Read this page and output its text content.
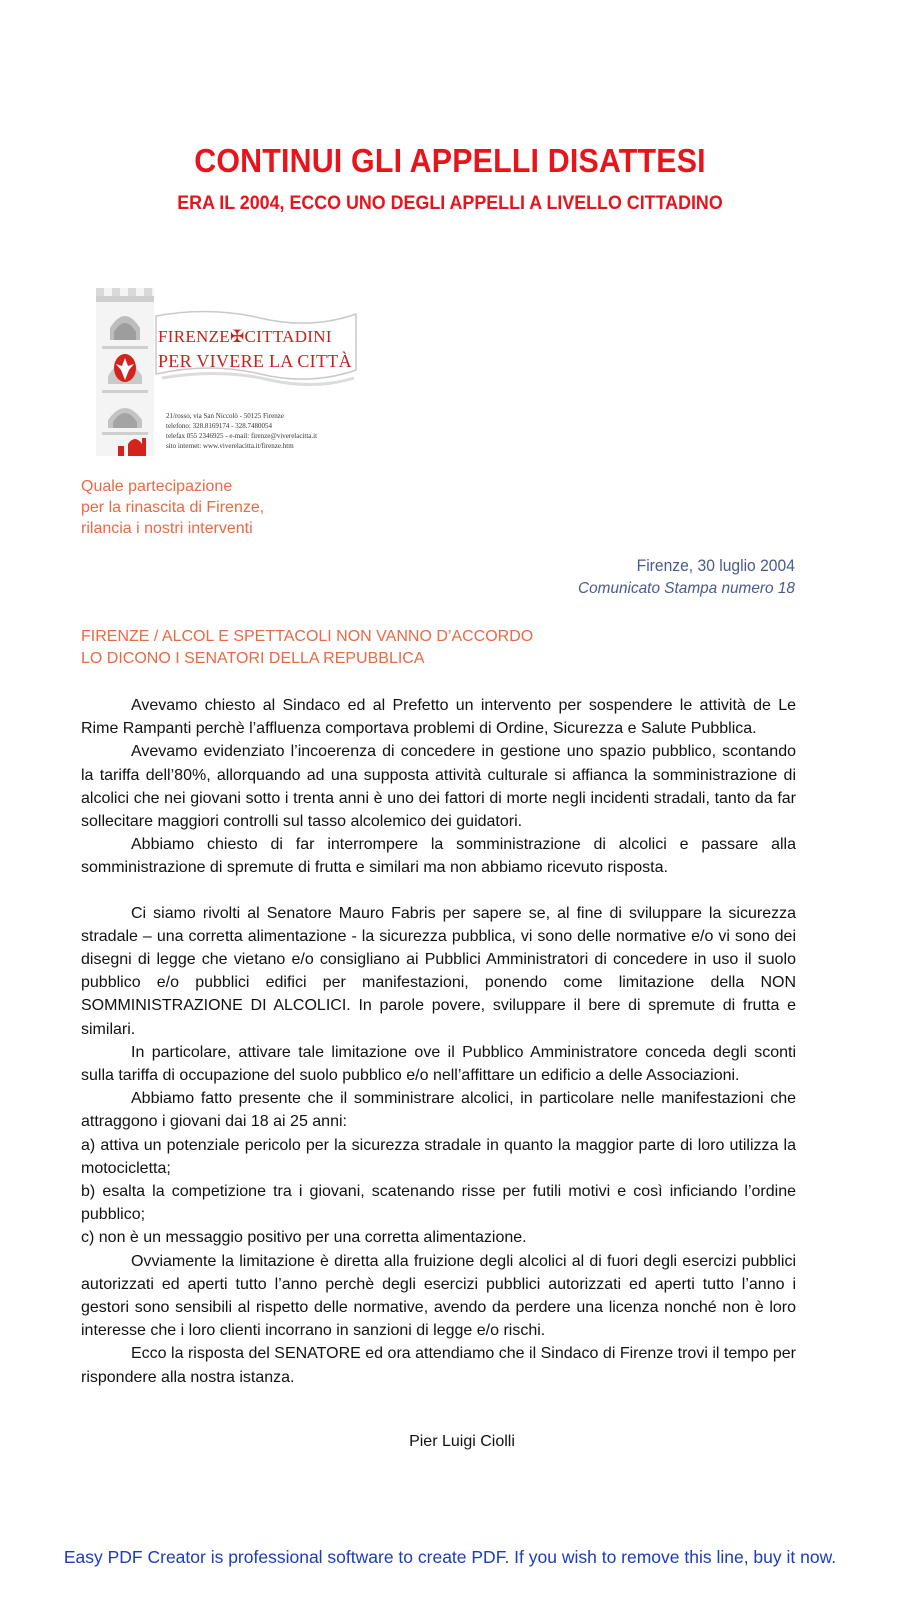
CONTINUI GLI APPELLI DISATTESI
ERA IL 2004, ECCO UNO DEGLI APPELLI A LIVELLO CITTADINO
FIRENZE✠CITTADINI
PER VIVERE LA CITTÀ
21/rosso, via San Niccolò - 50125 Firenze
telefono: 328.8169174 - 328.7480054
telefax 055 2346925 - e-mail: firenze@viverelacitta.it
sito internet: www.viverelacitta.it/firenze.htm
Quale partecipazione
per la rinascita di Firenze,
rilancia i nostri interventi
Firenze, 30 luglio 2004
Comunicato Stampa numero 18
FIRENZE / ALCOL E SPETTACOLI NON VANNO D’ACCORDO
LO DICONO I SENATORI DELLA REPUBBLICA

Avevamo chiesto al Sindaco ed al Prefetto un intervento per sospendere le attività de Le Rime Rampanti perchè l’affluenza comportava problemi di Ordine, Sicurezza e Salute Pubblica.

Avevamo evidenziato l’incoerenza di concedere in gestione uno spazio pubblico, scontando la tariffa dell’80%, allorquando ad una supposta attività culturale si affianca la somministrazione di alcolici che nei giovani sotto i trenta anni è uno dei fattori di morte negli incidenti stradali, tanto da far sollecitare maggiori controlli sul tasso alcolemico dei guidatori.

Abbiamo chiesto di far interrompere la somministrazione di alcolici e passare alla somministrazione di spremute di frutta e similari ma non abbiamo ricevuto risposta.

Ci siamo rivolti al Senatore Mauro Fabris per sapere se, al fine di sviluppare la sicurezza stradale – una corretta alimentazione - la sicurezza pubblica, vi sono delle normative e/o vi sono dei disegni di legge che vietano e/o consigliano ai Pubblici Amministratori di concedere in uso il suolo pubblico e/o pubblici edifici per manifestazioni, ponendo come limitazione della NON SOMMINISTRAZIONE DI ALCOLICI. In parole povere, sviluppare il bere di spremute di frutta e similari.

In particolare, attivare tale limitazione ove il Pubblico Amministratore conceda degli sconti sulla tariffa di occupazione del suolo pubblico e/o nell’affittare un edificio a delle Associazioni.

Abbiamo fatto presente che il somministrare alcolici, in particolare nelle manifestazioni che attraggono i giovani dai 18 ai 25 anni:

a) attiva un potenziale pericolo per la sicurezza stradale in quanto la maggior parte di loro utilizza la motocicletta;

b) esalta la competizione tra i giovani, scatenando risse per futili motivi e così inficiando l’ordine pubblico;

c) non è un messaggio positivo per una corretta alimentazione.

Ovviamente la limitazione è diretta alla fruizione degli alcolici al di fuori degli esercizi pubblici autorizzati ed aperti tutto l’anno perchè degli esercizi pubblici autorizzati ed aperti tutto l’anno i gestori sono sensibili al rispetto delle normative, avendo da perdere una licenza nonché non è loro interesse che i loro clienti incorrano in sanzioni di legge e/o rischi.

Ecco la risposta del SENATORE ed ora attendiamo che il Sindaco di Firenze trovi il tempo per rispondere alla nostra istanza.

Pier Luigi Ciolli
Easy PDF Creator is professional software to create PDF. If you wish to remove this line, buy it now.
